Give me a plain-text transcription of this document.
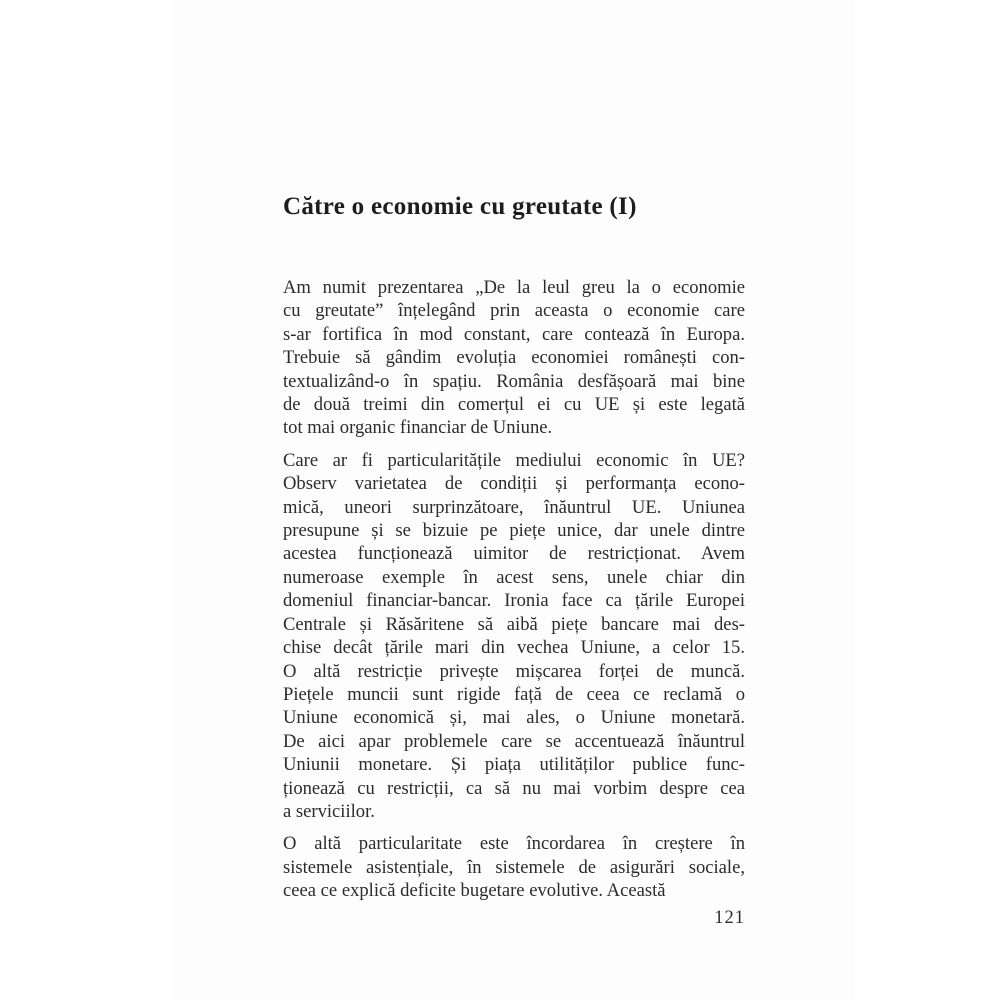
Către o economie cu greutate (I)
Am numit prezentarea „De la leul greu la o economie
cu greutate” înțelegând prin aceasta o economie care
s-ar fortifica în mod constant, care contează în Europa.
Trebuie să gândim evoluția economiei românești con-
textualizând-o în spațiu. România desfășoară mai bine
de două treimi din comerțul ei cu UE și este legată
tot mai organic financiar de Uniune.
Care ar fi particularitățile mediului economic în UE?
Observ varietatea de condiții și performanța econo-
mică, uneori surprinzătoare, înăuntrul UE. Uniunea
presupune și se bizuie pe piețe unice, dar unele dintre
acestea funcționează uimitor de restricționat. Avem
numeroase exemple în acest sens, unele chiar din
domeniul financiar-bancar. Ironia face ca țările Europei
Centrale și Răsăritene să aibă piețe bancare mai des-
chise decât țările mari din vechea Uniune, a celor 15.
O altă restricție privește mișcarea forței de muncă.
Piețele muncii sunt rigide față de ceea ce reclamă o
Uniune economică și, mai ales, o Uniune monetară.
De aici apar problemele care se accentuează înăuntrul
Uniunii monetare. Și piața utilităților publice func-
ționează cu restricții, ca să nu mai vorbim despre cea
a serviciilor.
O altă particularitate este încordarea în creștere în
sistemele asistențiale, în sistemele de asigurări sociale,
ceea ce explică deficite bugetare evolutive. Această
121
